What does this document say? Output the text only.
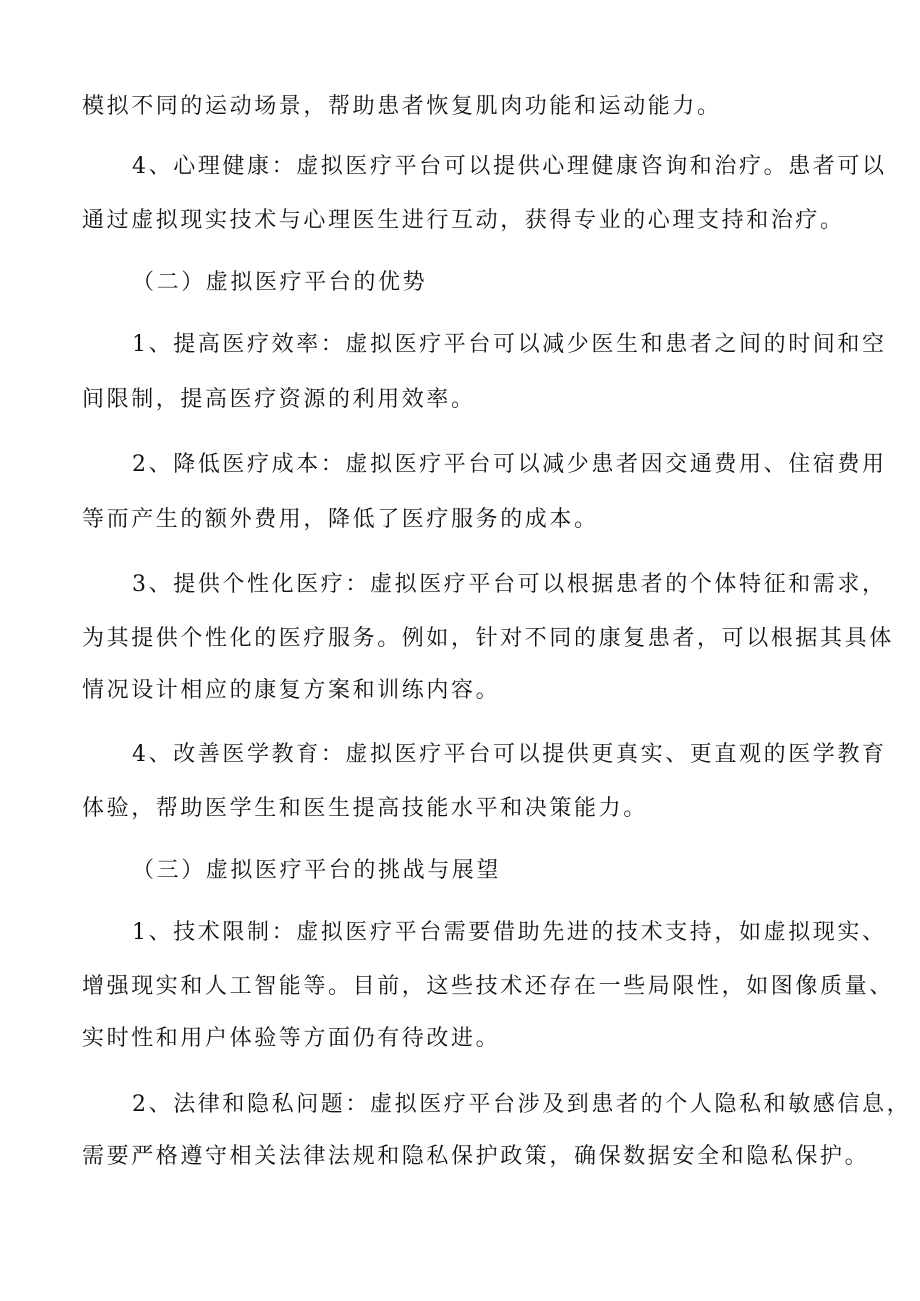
模拟不同的运动场景，帮助患者恢复肌肉功能和运动能力。
4、心理健康：虚拟医疗平台可以提供心理健康咨询和治疗。患者可以
通过虚拟现实技术与心理医生进行互动，获得专业的心理支持和治疗。
（二）虚拟医疗平台的优势
1、提高医疗效率：虚拟医疗平台可以减少医生和患者之间的时间和空
间限制，提高医疗资源的利用效率。
2、降低医疗成本：虚拟医疗平台可以减少患者因交通费用、住宿费用
等而产生的额外费用，降低了医疗服务的成本。
3、提供个性化医疗：虚拟医疗平台可以根据患者的个体特征和需求，
为其提供个性化的医疗服务。例如，针对不同的康复患者，可以根据其具体
情况设计相应的康复方案和训练内容。
4、改善医学教育：虚拟医疗平台可以提供更真实、更直观的医学教育
体验，帮助医学生和医生提高技能水平和决策能力。
（三）虚拟医疗平台的挑战与展望
1、技术限制：虚拟医疗平台需要借助先进的技术支持，如虚拟现实、
增强现实和人工智能等。目前，这些技术还存在一些局限性，如图像质量、
实时性和用户体验等方面仍有待改进。
2、法律和隐私问题：虚拟医疗平台涉及到患者的个人隐私和敏感信息，
需要严格遵守相关法律法规和隐私保护政策，确保数据安全和隐私保护。
